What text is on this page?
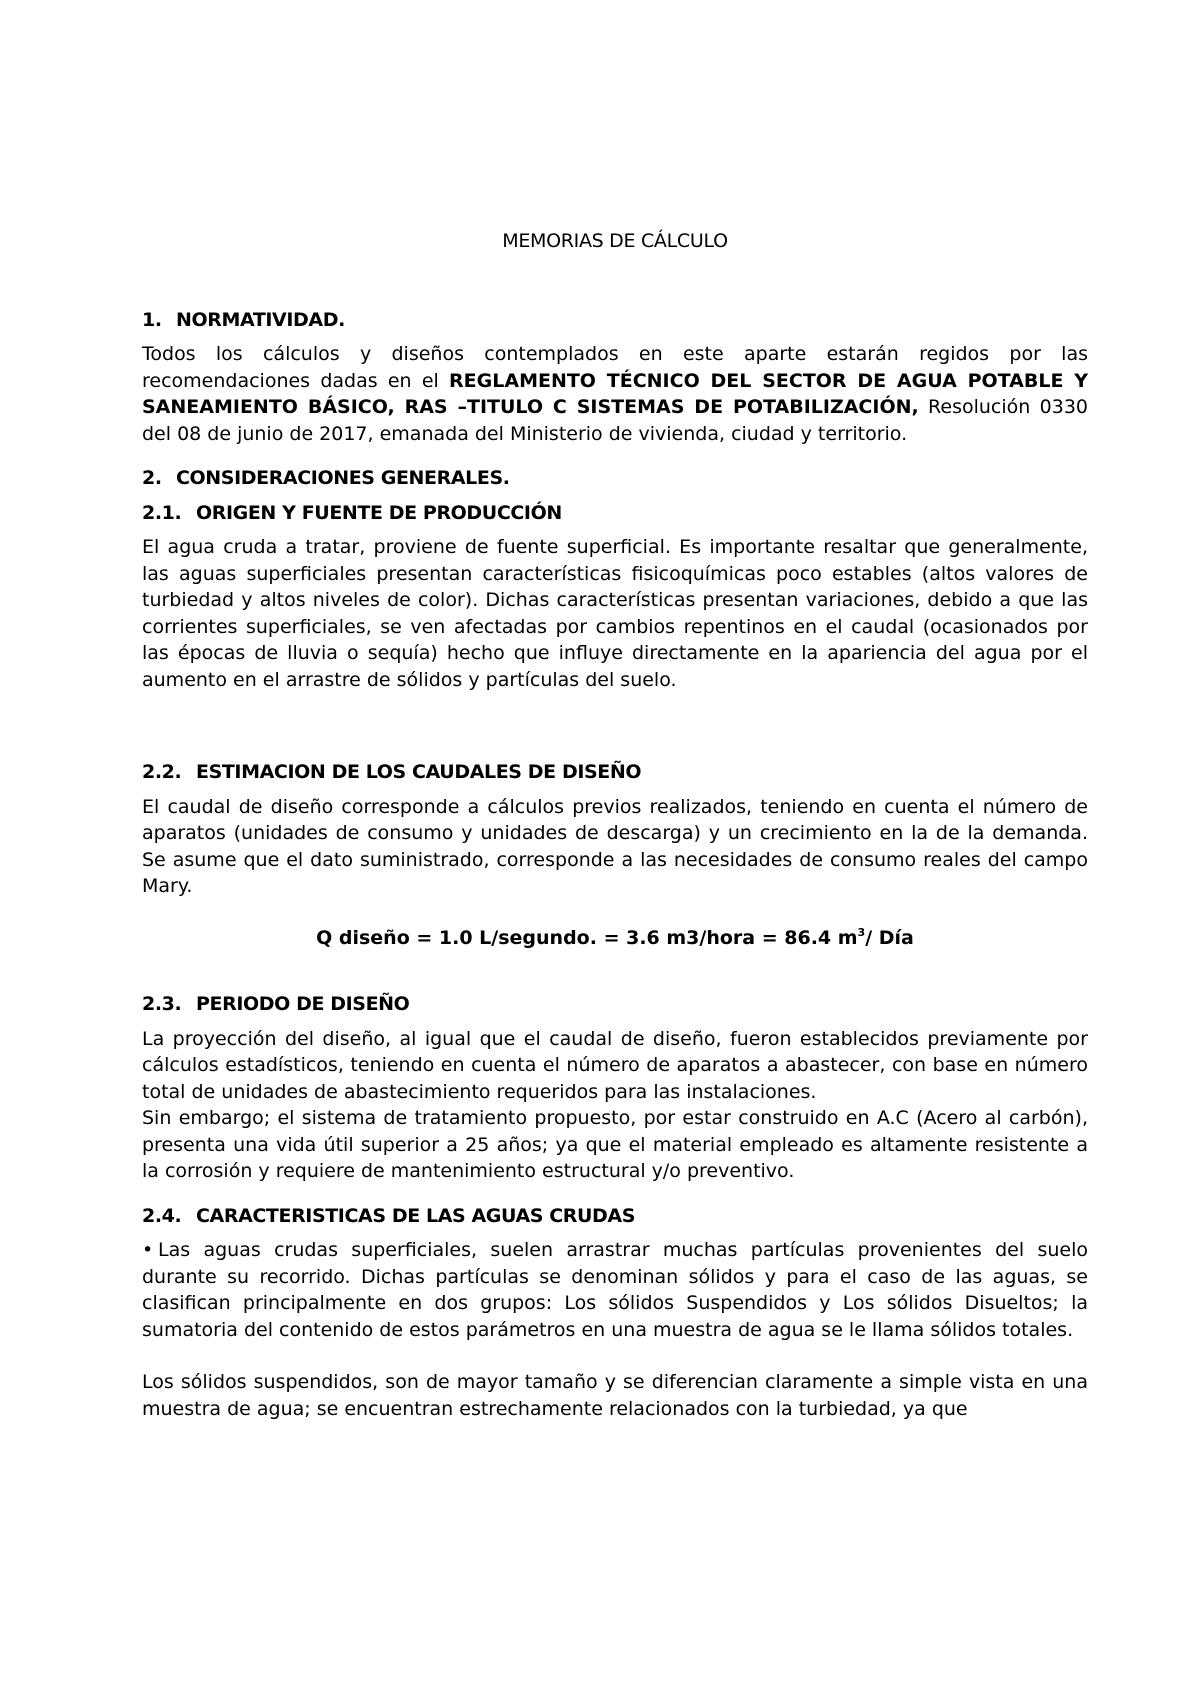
MEMORIAS DE CÁLCULO
1. NORMATIVIDAD.

Todos los cálculos y diseños contemplados en este aparte estarán regidos por las recomendaciones dadas en el REGLAMENTO TÉCNICO DEL SECTOR DE AGUA POTABLE Y SANEAMIENTO BÁSICO, RAS –TITULO C SISTEMAS DE POTABILIZACIÓN, Resolución 0330 del 08 de junio de 2017, emanada del Ministerio de vivienda, ciudad y territorio.

2. CONSIDERACIONES GENERALES.
2.1. ORIGEN Y FUENTE DE PRODUCCIÓN

El agua cruda a tratar, proviene de fuente superficial. Es importante resaltar que generalmente, las aguas superficiales presentan características fisicoquímicas poco estables (altos valores de turbiedad y altos niveles de color). Dichas características presentan variaciones, debido a que las corrientes superficiales, se ven afectadas por cambios repentinos en el caudal (ocasionados por las épocas de lluvia o sequía) hecho que influye directamente en la apariencia del agua por el aumento en el arrastre de sólidos y partículas del suelo.

2.2. ESTIMACION DE LOS CAUDALES DE DISEÑO

El caudal de diseño corresponde a cálculos previos realizados, teniendo en cuenta el número de aparatos (unidades de consumo y unidades de descarga) y un crecimiento en la de la demanda. Se asume que el dato suministrado, corresponde a las necesidades de consumo reales del campo Mary.

Q diseño = 1.0 L/segundo. = 3.6 m3/hora = 86.4 $m^3/$ Día
2.3. PERIODO DE DISEÑO

La proyección del diseño, al igual que el caudal de diseño, fueron establecidos previamente por cálculos estadísticos, teniendo en cuenta el número de aparatos a abastecer, con base en número total de unidades de abastecimiento requeridos para las instalaciones.

Sin embargo; el sistema de tratamiento propuesto, por estar construido en A.C (Acero al carbón), presenta una vida útil superior a 25 años; ya que el material empleado es altamente resistente a la corrosión y requiere de mantenimiento estructural y/o preventivo.

2.4. CARACTERISTICAS DE LAS AGUAS CRUDAS

• Las aguas crudas superficiales, suelen arrastrar muchas partículas provenientes del suelo durante su recorrido. Dichas partículas se denominan sólidos y para el caso de las aguas, se clasifican principalmente en dos grupos: Los sólidos Suspendidos y Los sólidos Disueltos; la sumatoria del contenido de estos parámetros en una muestra de agua se le llama sólidos totales.

Los sólidos suspendidos, son de mayor tamaño y se diferencian claramente a simple vista en una muestra de agua; se encuentran estrechamente relacionados con la turbiedad, ya que
